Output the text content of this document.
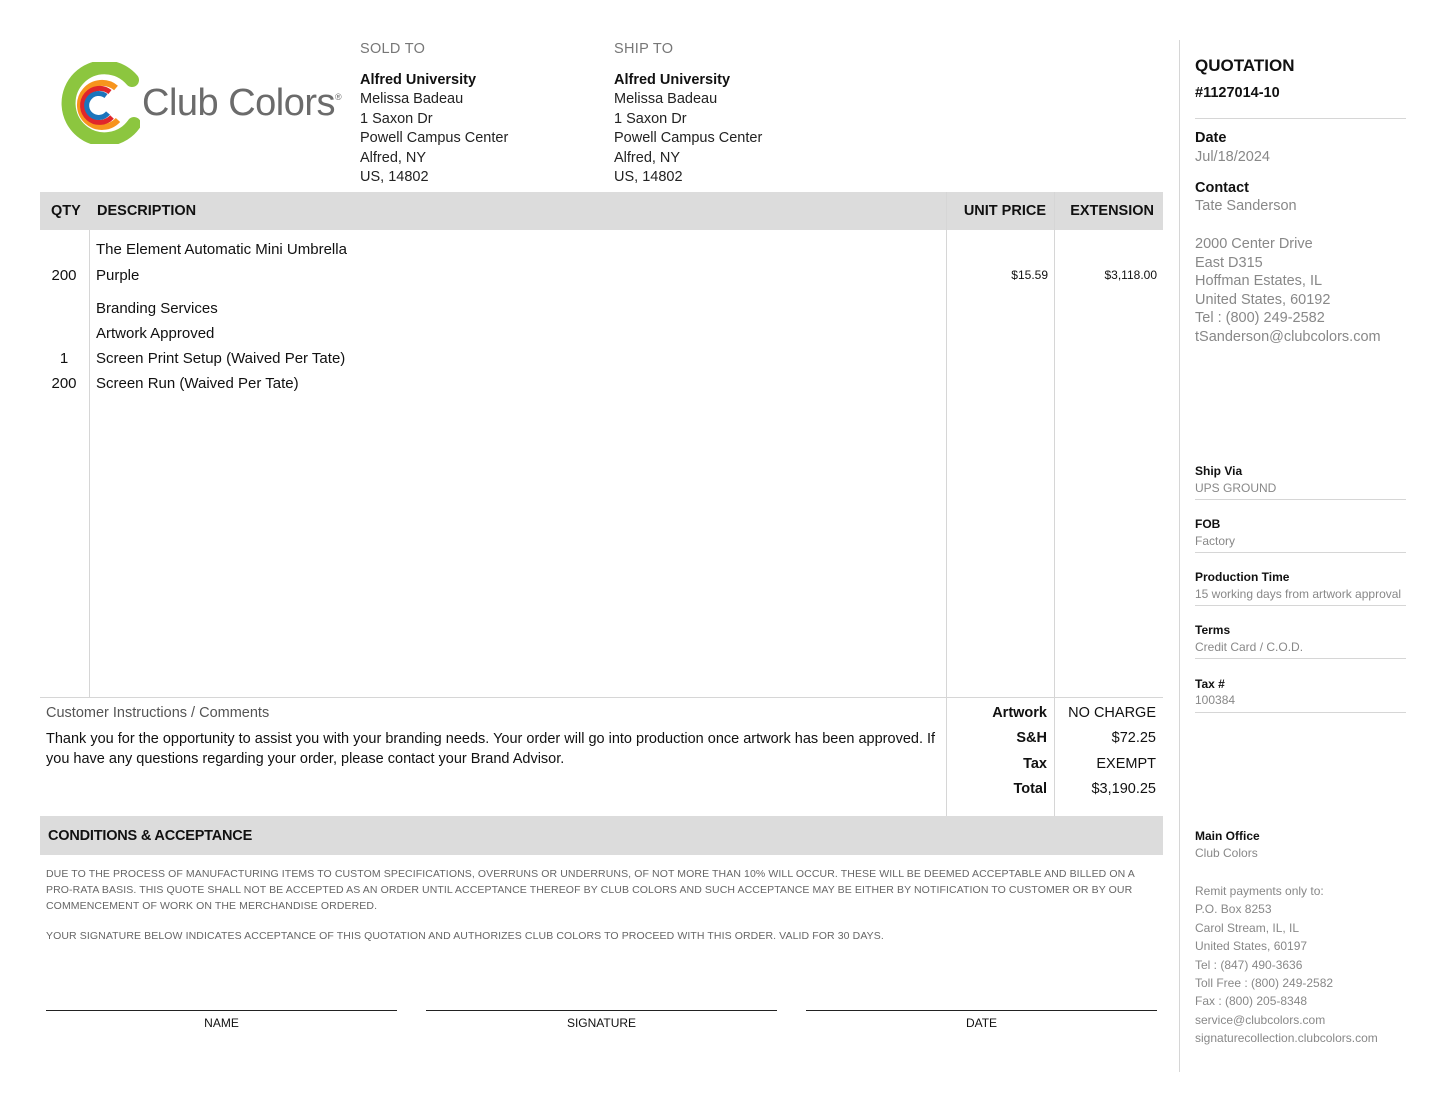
Club Colors®
SOLD TO
Alfred University
Melissa Badeau
1 Saxon Dr
Powell Campus Center
Alfred, NY
US, 14802
SHIP TO
Alfred University
Melissa Badeau
1 Saxon Dr
Powell Campus Center
Alfred, NY
US, 14802
QTY DESCRIPTION	UNIT PRICE	EXTENSION
The Element Automatic Mini Umbrella
200	Purple	$15.59	$3,118.00
Branding Services
Artwork Approved
1	Screen Print Setup (Waived Per Tate)
200	Screen Run (Waived Per Tate)
Customer Instructions / Comments
Thank you for the opportunity to assist you with your branding needs. Your order will go into production once artwork has been approved. If you have any questions regarding your order, please contact your Brand Advisor.
Artwork	NO CHARGE
S&H	$72.25
Tax	EXEMPT
Total	$3,190.25
CONDITIONS & ACCEPTANCE
DUE TO THE PROCESS OF MANUFACTURING ITEMS TO CUSTOM SPECIFICATIONS, OVERRUNS OR UNDERRUNS, OF NOT MORE THAN 10% WILL OCCUR. THESE WILL BE DEEMED ACCEPTABLE AND BILLED ON A PRO-RATA BASIS. THIS QUOTE SHALL NOT BE ACCEPTED AS AN ORDER UNTIL ACCEPTANCE THEREOF BY CLUB COLORS AND SUCH ACCEPTANCE MAY BE EITHER BY NOTIFICATION TO CUSTOMER OR BY OUR COMMENCEMENT OF WORK ON THE MERCHANDISE ORDERED.
YOUR SIGNATURE BELOW INDICATES ACCEPTANCE OF THIS QUOTATION AND AUTHORIZES CLUB COLORS TO PROCEED WITH THIS ORDER. VALID FOR 30 DAYS.
NAME	SIGNATURE	DATE
QUOTATION
#1127014-10
Date
Jul/18/2024
Contact
Tate Sanderson
2000 Center Drive
East D315
Hoffman Estates, IL
United States, 60192
Tel : (800) 249-2582
tSanderson@clubcolors.com
Ship Via
UPS GROUND
FOB
Factory
Production Time
15 working days from artwork approval
Terms
Credit Card / C.O.D.
Tax #
100384
Main Office
Club Colors
Remit payments only to:
P.O. Box 8253
Carol Stream, IL, IL
United States, 60197
Tel : (847) 490-3636
Toll Free : (800) 249-2582
Fax : (800) 205-8348
service@clubcolors.com
signaturecollection.clubcolors.com
